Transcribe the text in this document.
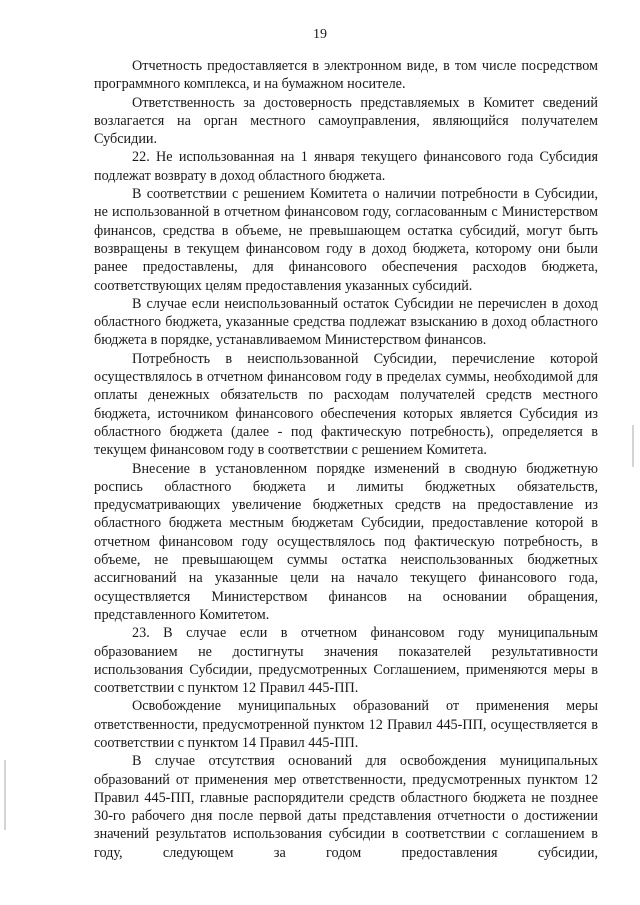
19

Отчетность предоставляется в электронном виде, в том числе посредством программного комплекса, и на бумажном носителе.

Ответственность за достоверность представляемых в Комитет сведений возлагается на орган местного самоуправления, являющийся получателем Субсидии.

22. Не использованная на 1 января текущего финансового года Субсидия подлежат возврату в доход областного бюджета.

В соответствии с решением Комитета о наличии потребности в Субсидии, не использованной в отчетном финансовом году, согласованным с Министерством финансов, средства в объеме, не превышающем остатка субсидий, могут быть возвращены в текущем финансовом году в доход бюджета, которому они были ранее предоставлены, для финансового обеспечения расходов бюджета, соответствующих целям предоставления указанных субсидий.

В случае если неиспользованный остаток Субсидии не перечислен в доход областного бюджета, указанные средства подлежат взысканию в доход областного бюджета в порядке, устанавливаемом Министерством финансов.

Потребность в неиспользованной Субсидии, перечисление которой осуществлялось в отчетном финансовом году в пределах суммы, необходимой для оплаты денежных обязательств по расходам получателей средств местного бюджета, источником финансового обеспечения которых является Субсидия из областного бюджета (далее - под фактическую потребность), определяется в текущем финансовом году в соответствии с решением Комитета.

Внесение в установленном порядке изменений в сводную бюджетную роспись областного бюджета и лимиты бюджетных обязательств, предусматривающих увеличение бюджетных средств на предоставление из областного бюджета местным бюджетам Субсидии, предоставление которой в отчетном финансовом году осуществлялось под фактическую потребность, в объеме, не превышающем суммы остатка неиспользованных бюджетных ассигнований на указанные цели на начало текущего финансового года, осуществляется Министерством финансов на основании обращения, представленного Комитетом.

23. В случае если в отчетном финансовом году муниципальным образованием не достигнуты значения показателей результативности использования Субсидии, предусмотренных Соглашением, применяются меры в соответствии с пунктом 12 Правил 445-ПП.

Освобождение муниципальных образований от применения меры ответственности, предусмотренной пунктом 12 Правил 445-ПП, осуществляется в соответствии с пунктом 14 Правил 445-ПП.

В случае отсутствия оснований для освобождения муниципальных образований от применения мер ответственности, предусмотренных пунктом 12 Правил 445-ПП, главные распорядители средств областного бюджета не позднее 30-го рабочего дня после первой даты представления отчетности о достижении значений результатов использования субсидии в соответствии с соглашением в году, следующем за годом предоставления субсидии,
